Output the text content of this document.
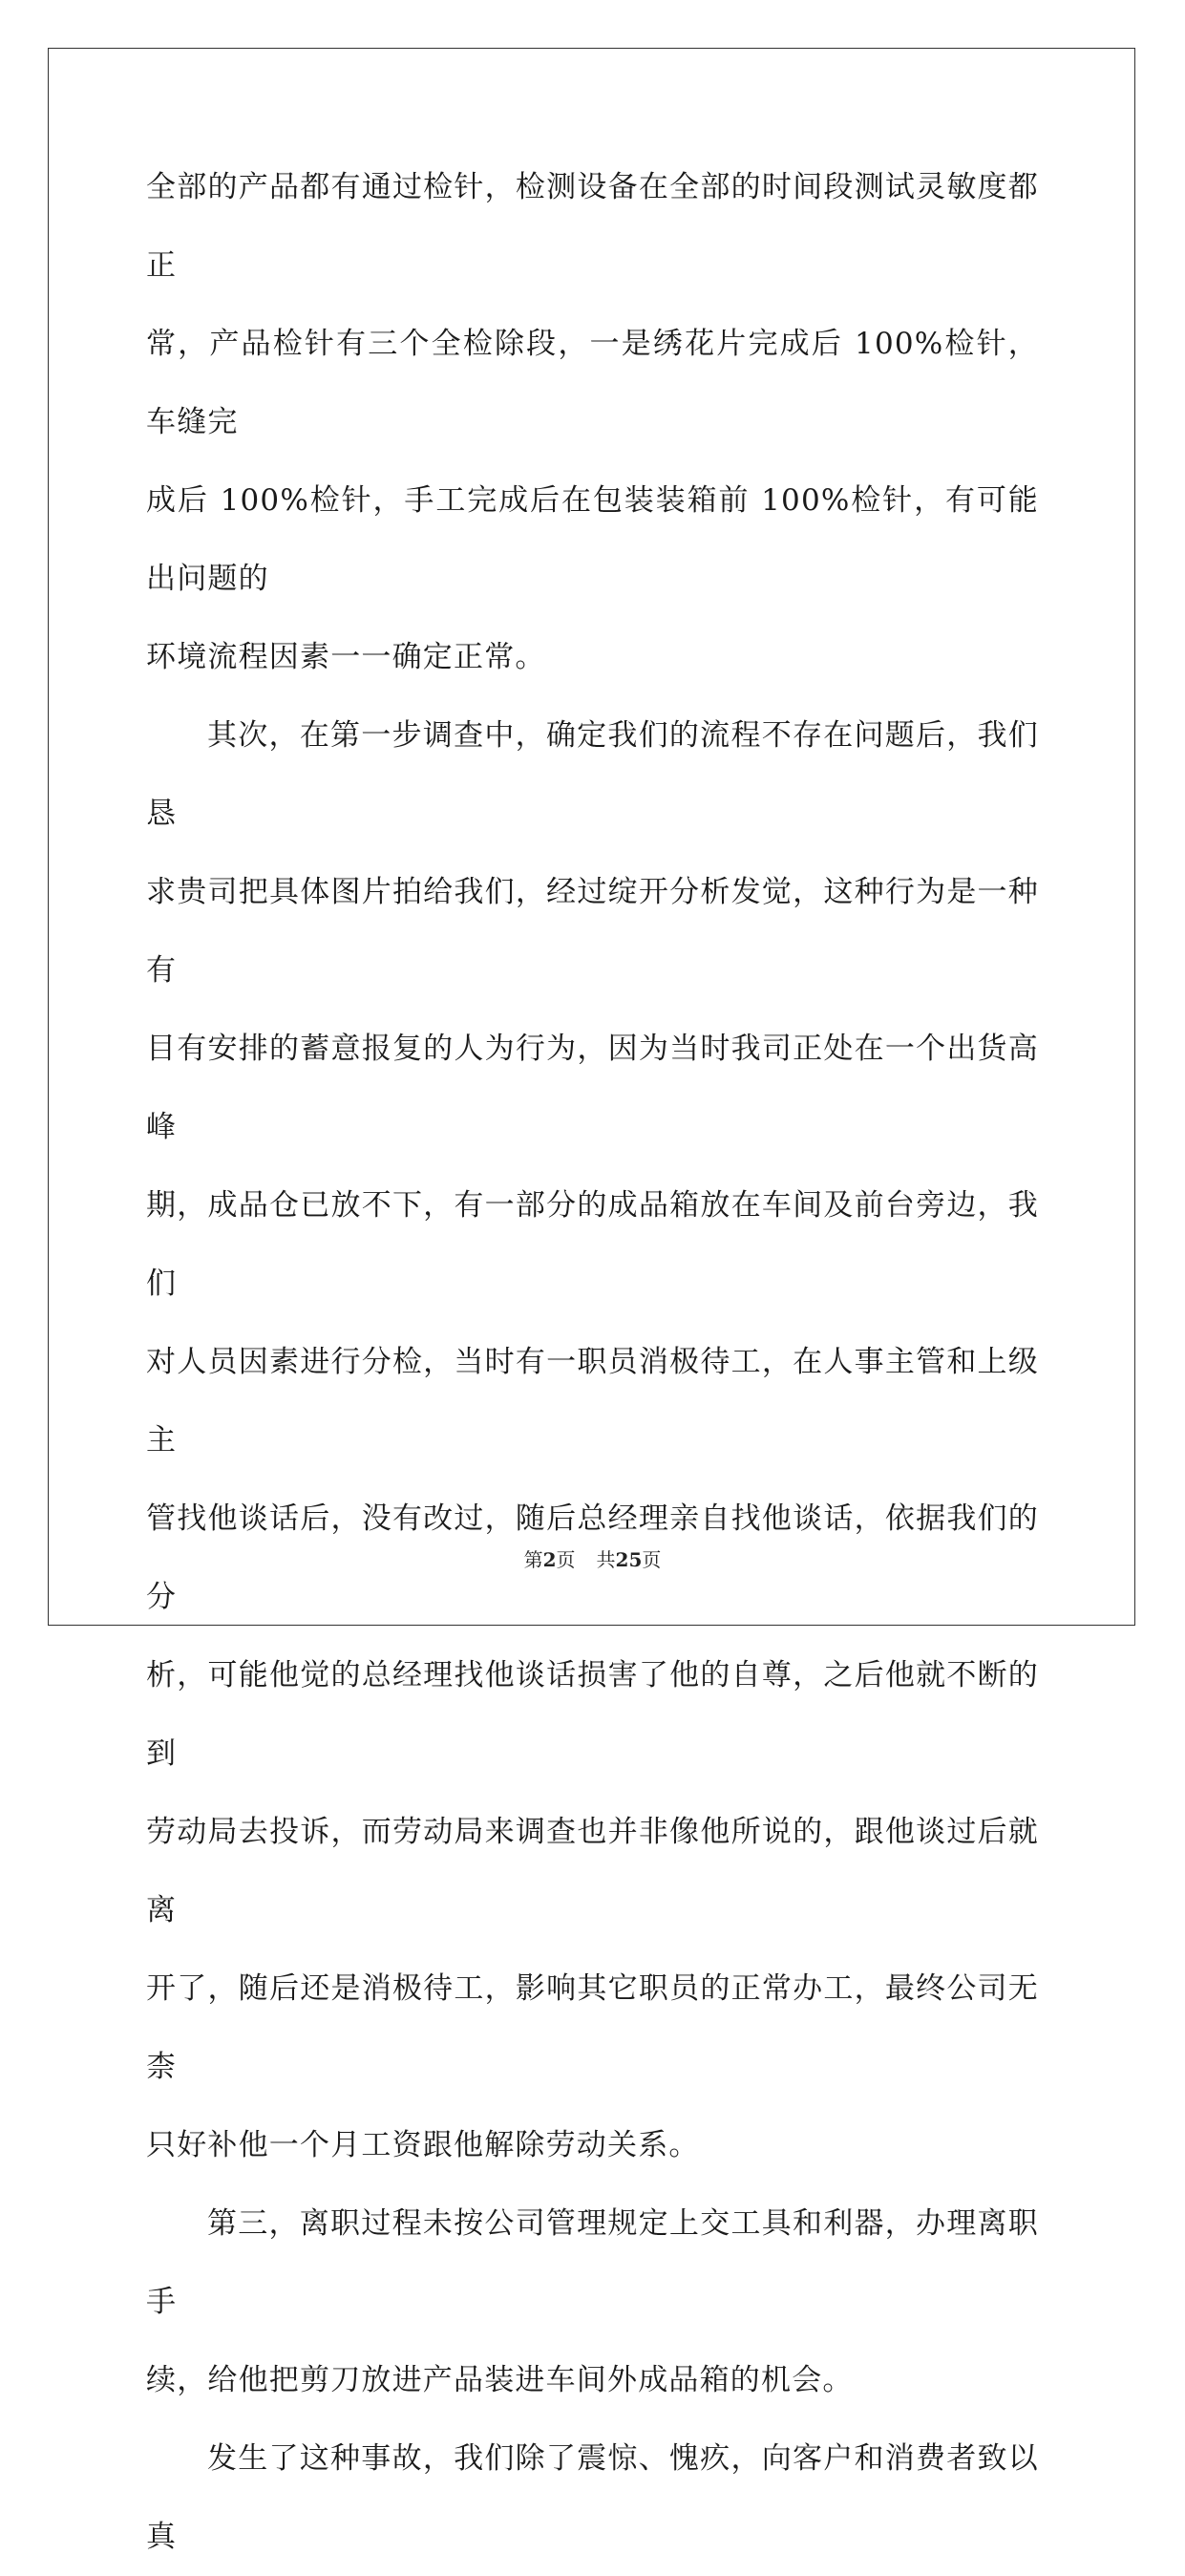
全部的产品都有通过检针，检测设备在全部的时间段测试灵敏度都正
常，产品检针有三个全检除段，一是绣花片完成后 100%检针，车缝完
成后 100%检针，手工完成后在包装装箱前 100%检针，有可能出问题的
环境流程因素一一确定正常。

其次，在第一步调查中，确定我们的流程不存在问题后，我们恳
求贵司把具体图片拍给我们，经过绽开分析发觉，这种行为是一种有
目有安排的蓄意报复的人为行为，因为当时我司正处在一个出货高峰
期，成品仓已放不下，有一部分的成品箱放在车间及前台旁边，我们
对人员因素进行分检，当时有一职员消极待工，在人事主管和上级主
管找他谈话后，没有改过，随后总经理亲自找他谈话，依据我们的分
析，可能他觉的总经理找他谈话损害了他的自尊，之后他就不断的到
劳动局去投诉，而劳动局来调查也并非像他所说的，跟他谈过后就离
开了，随后还是消极待工，影响其它职员的正常办工，最终公司无柰
只好补他一个月工资跟他解除劳动关系。

第三，离职过程未按公司管理规定上交工具和利器，办理离职手
续，给他把剪刀放进产品装进车间外成品箱的机会。

发生了这种事故，我们除了震惊、愧疚，向客户和消费者致以真

第2页 共25页
